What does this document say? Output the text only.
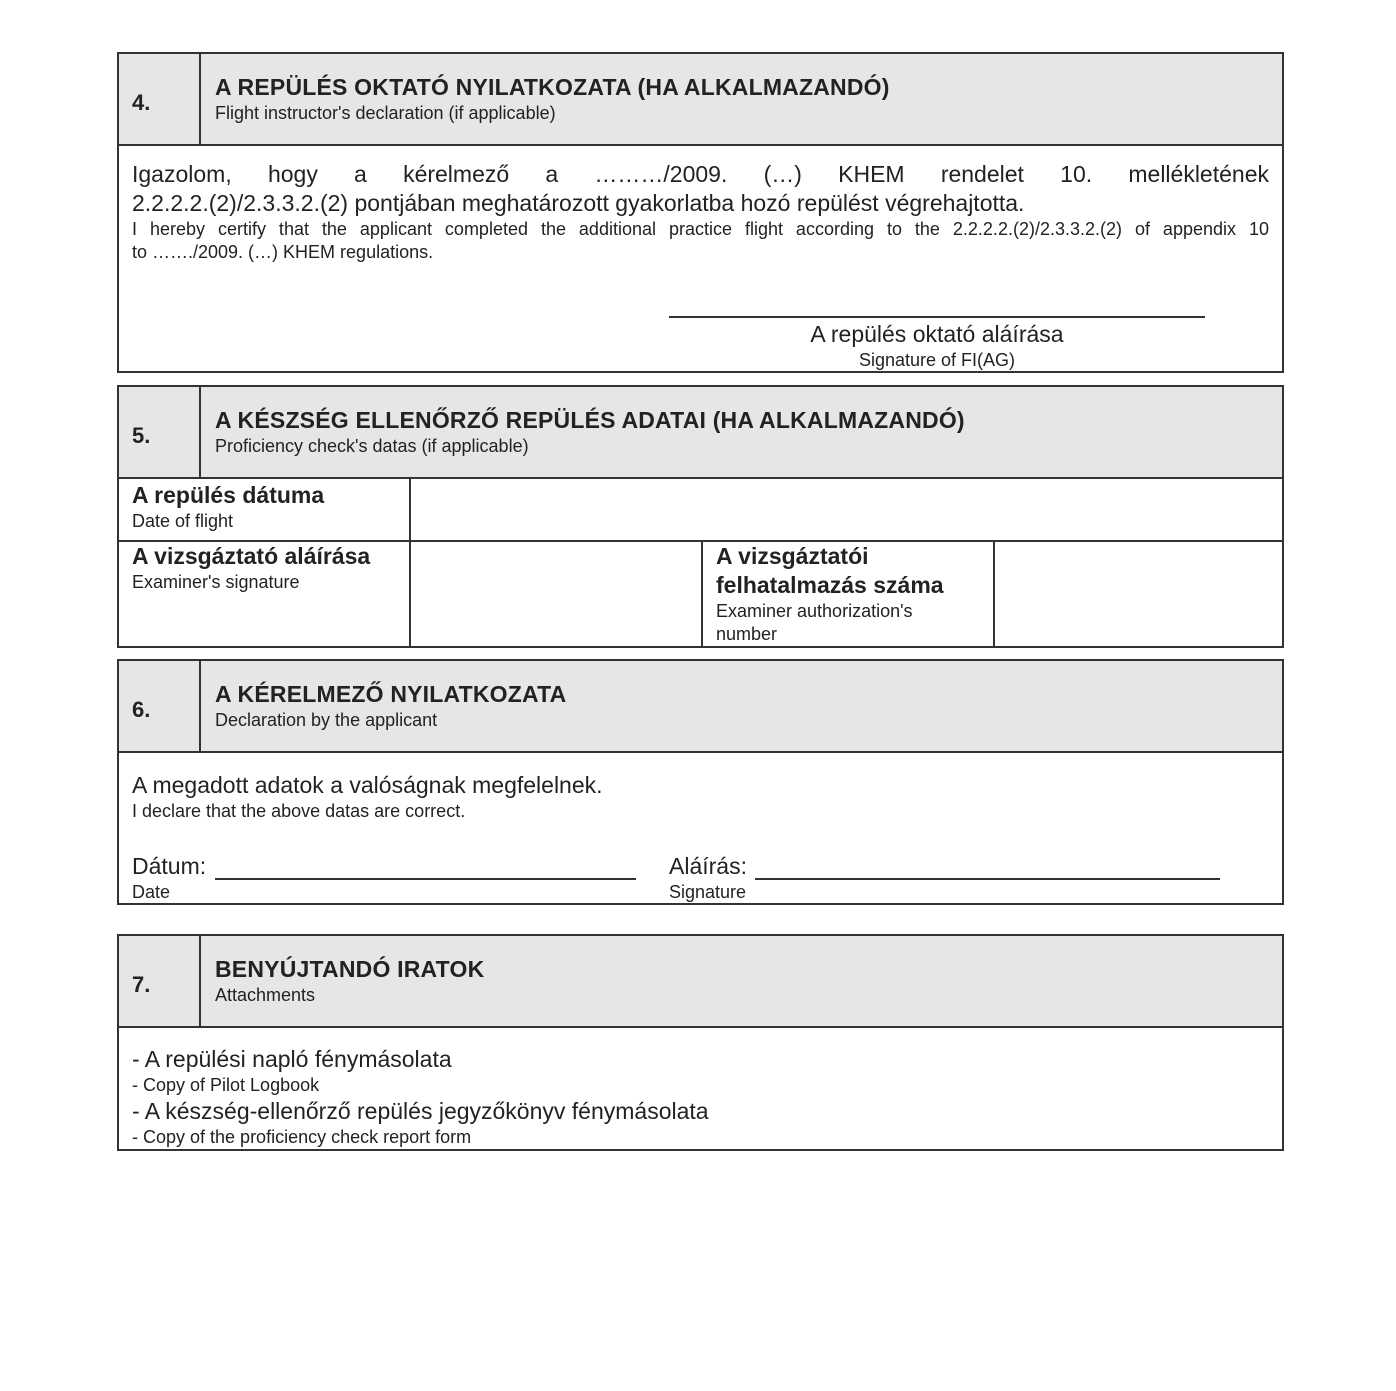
4.
A REPÜLÉS OKTATÓ NYILATKOZATA (HA ALKALMAZANDÓ)
Flight instructor's declaration (if applicable)
Igazolom, hogy a kérelmező a ………/2009. (…) KHEM rendelet 10. mellékletének
2.2.2.2.(2)/2.3.3.2.(2) pontjában meghatározott gyakorlatba hozó repülést végrehajtotta.
I hereby certify that the applicant completed the additional practice flight according to the 2.2.2.2.(2)/2.3.3.2.(2) of appendix 10
to ……./2009. (…) KHEM regulations.
A repülés oktató aláírása
Signature of FI(AG)
5.
A KÉSZSÉG ELLENŐRZŐ REPÜLÉS ADATAI (HA ALKALMAZANDÓ)
Proficiency check's datas (if applicable)
A repülés dátuma
Date of flight
A vizsgáztató aláírása
Examiner's signature
A vizsgáztatói
felhatalmazás száma
Examiner authorization's
number
6.
A KÉRELMEZŐ NYILATKOZATA
Declaration by the applicant
A megadott adatok a valóságnak megfelelnek.
I declare that the above datas are correct.
Dátum:
Date
Aláírás:
Signature
7.
BENYÚJTANDÓ IRATOK
Attachments
- A repülési napló fénymásolata
- Copy of Pilot Logbook
- A készség-ellenőrző repülés jegyzőkönyv fénymásolata
- Copy of the proficiency check report form
